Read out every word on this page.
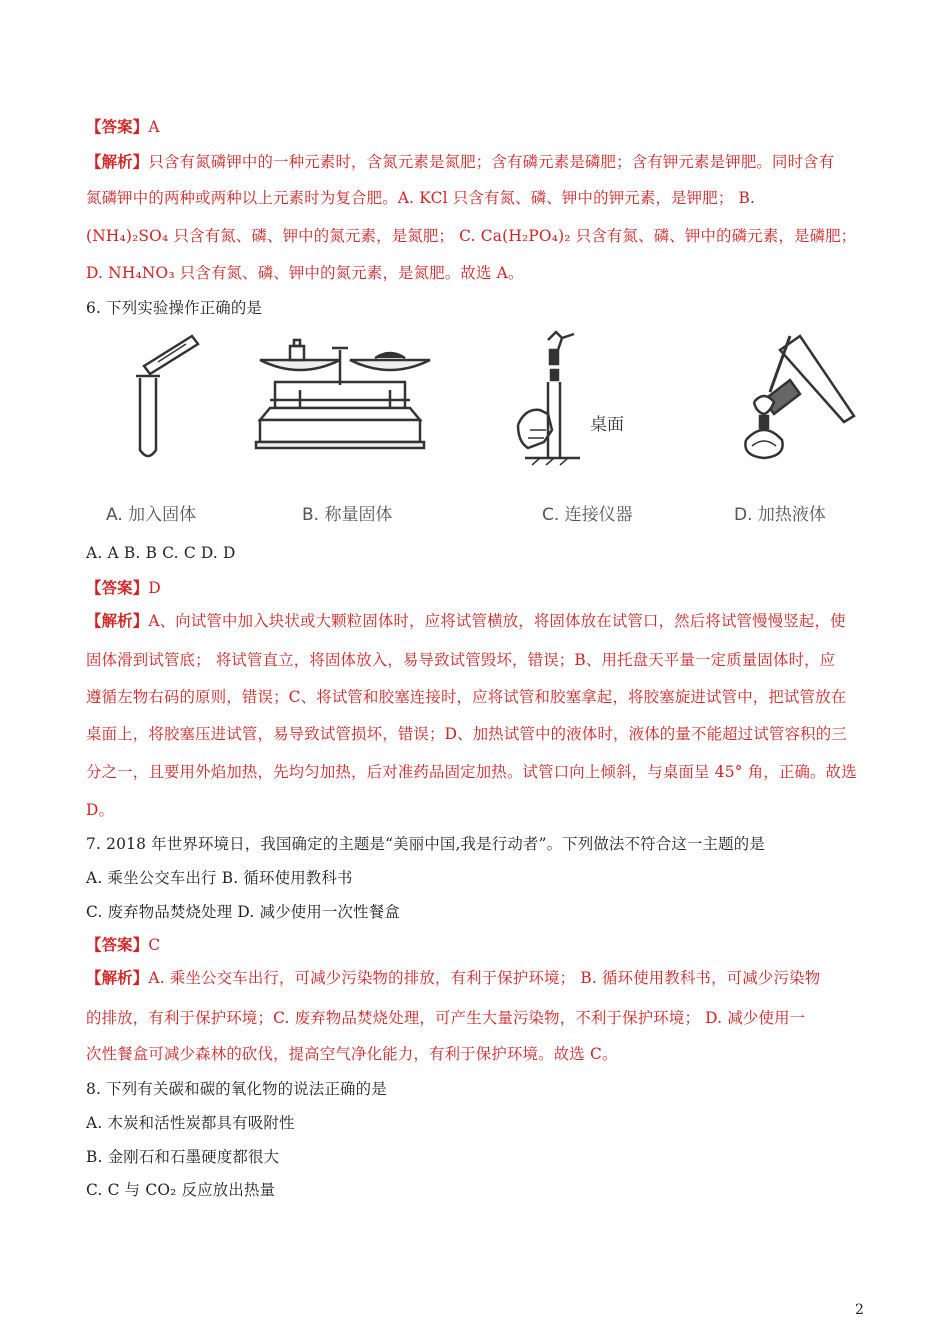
【答案】A
【解析】只含有氮磷钾中的一种元素时，含氮元素是氮肥；含有磷元素是磷肥；含有钾元素是钾肥。同时含有
氮磷钾中的两种或两种以上元素时为复合肥。A. KCl 只含有氮、磷、钾中的钾元素，是钾肥； B.
(NH₄)₂SO₄ 只含有氮、磷、钾中的氮元素，是氮肥； C. Ca(H₂PO₄)₂ 只含有氮、磷、钾中的磷元素，是磷肥；
D. NH₄NO₃ 只含有氮、磷、钾中的氮元素，是氮肥。故选 A。
6. 下列实验操作正确的是
桌面
A. 加入固体	B. 称量固体	C. 连接仪器	D. 加热液体
A. A B. B C. C D. D
【答案】D
【解析】A、向试管中加入块状或大颗粒固体时，应将试管横放，将固体放在试管口，然后将试管慢慢竖起，使
固体滑到试管底； 将试管直立，将固体放入，易导致试管毁坏，错误；B、用托盘天平量一定质量固体时，应
遵循左物右码的原则，错误；C、将试管和胶塞连接时，应将试管和胶塞拿起，将胶塞旋进试管中，把试管放在
桌面上，将胶塞压进试管，易导致试管损坏，错误；D、加热试管中的液体时，液体的量不能超过试管容积的三
分之一，且要用外焰加热，先均匀加热，后对准药品固定加热。试管口向上倾斜，与桌面呈 45° 角，正确。故选
D。
7. 2018 年世界环境日，我国确定的主题是“美丽中国,我是行动者”。下列做法不符合这一主题的是
A. 乘坐公交车出行 B. 循环使用教科书
C. 废弃物品焚烧处理 D. 减少使用一次性餐盒
【答案】C
【解析】A. 乘坐公交车出行，可减少污染物的排放，有利于保护环境； B. 循环使用教科书，可减少污染物
的排放，有利于保护环境；C. 废弃物品焚烧处理，可产生大量污染物，不利于保护环境； D. 减少使用一
次性餐盒可减少森林的砍伐，提高空气净化能力，有利于保护环境。故选 C。
8. 下列有关碳和碳的氧化物的说法正确的是
A. 木炭和活性炭都具有吸附性
B. 金刚石和石墨硬度都很大
C. C 与 CO₂ 反应放出热量
2
